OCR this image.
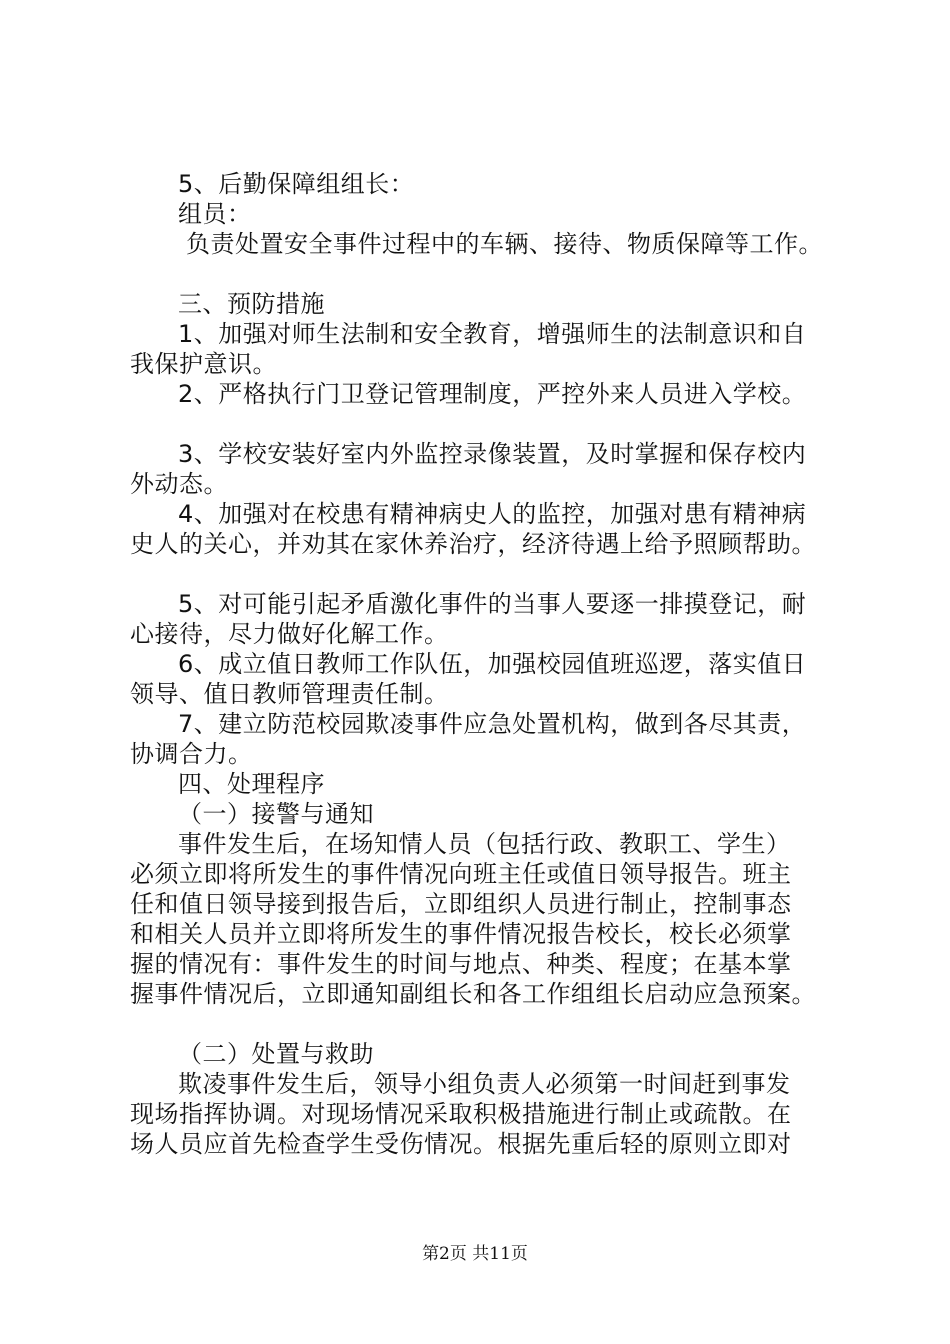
5、后勤保障组组长：
组员：
负责处置安全事件过程中的车辆、接待、物质保障等工作。
三、预防措施
1、加强对师生法制和安全教育，增强师生的法制意识和自
我保护意识。
2、严格执行门卫登记管理制度，严控外来人员进入学校。
3、学校安装好室内外监控录像装置，及时掌握和保存校内
外动态。
4、加强对在校患有精神病史人的监控，加强对患有精神病
史人的关心，并劝其在家休养治疗，经济待遇上给予照顾帮助。
5、对可能引起矛盾激化事件的当事人要逐一排摸登记，耐
心接待，尽力做好化解工作。
6、成立值日教师工作队伍，加强校园值班巡逻，落实值日
领导、值日教师管理责任制。
7、建立防范校园欺凌事件应急处置机构，做到各尽其责，
协调合力。
四、处理程序
（一）接警与通知
事件发生后，在场知情人员（包括行政、教职工、学生）
必须立即将所发生的事件情况向班主任或值日领导报告。班主
任和值日领导接到报告后，立即组织人员进行制止，控制事态
和相关人员并立即将所发生的事件情况报告校长，校长必须掌
握的情况有：事件发生的时间与地点、种类、程度；在基本掌
握事件情况后，立即通知副组长和各工作组组长启动应急预案。
（二）处置与救助
欺凌事件发生后，领导小组负责人必须第一时间赶到事发
现场指挥协调。对现场情况采取积极措施进行制止或疏散。在
场人员应首先检查学生受伤情况。根据先重后轻的原则立即对
第2页 共11页
